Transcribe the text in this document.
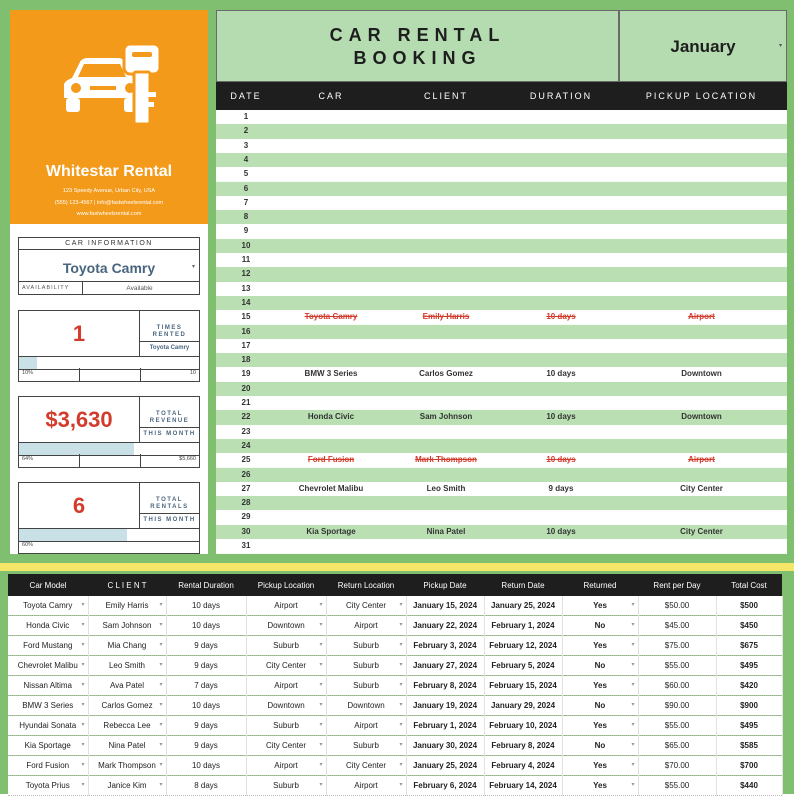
Whitestar Rental
123 Speedy Avenue, Urban City, USA
(555) 123-4567 | info@fastwheelsrental.com
www.fastwheelsrental.com
CAR INFORMATION
Toyota Camry	▾
AVAILABILITY	Available
1	TIMES
RENTED
Toyota Camry
10%	10
$3,630	TOTAL
REVENUE
THIS MONTH
64%	$5,660
6	TOTAL
RENTALS
THIS MONTH
60%
CAR RENTAL
BOOKING
January	▾
DATE	CAR	CLIENT	DURATION	PICKUP LOCATION
1
2
3
4
5
6
7
8
9
10
11
12
13
14
15	Toyota Camry	Emily Harris	10 days	Airport
16
17
18
19	BMW 3 Series	Carlos Gomez	10 days	Downtown
20
21
22	Honda Civic	Sam Johnson	10 days	Downtown
23
24
25	Ford Fusion	Mark Thompson	10 days	Airport
26
27	Chevrolet Malibu	Leo Smith	9 days	City Center
28
29
30	Kia Sportage	Nina Patel	10 days	City Center
31
Car Model	C L I E N T	Rental Duration	Pickup Location	Return Location	Pickup Date	Return Date	Returned	Rent per Day	Total Cost
Toyota Camry ▾	Emily Harris ▾	10 days	Airport ▾	City Center ▾	January 15, 2024	January 25, 2024	Yes ▾	$50.00	$500
Honda Civic ▾	Sam Johnson ▾	10 days	Downtown ▾	Airport ▾	January 22, 2024	February 1, 2024	No ▾	$45.00	$450
Ford Mustang ▾	Mia Chang ▾	9 days	Suburb ▾	Suburb ▾	February 3, 2024	February 12, 2024	Yes ▾	$75.00	$675
Chevrolet Malibu ▾	Leo Smith ▾	9 days	City Center ▾	Suburb ▾	January 27, 2024	February 5, 2024	No ▾	$55.00	$495
Nissan Altima ▾	Ava Patel ▾	7 days	Airport ▾	Suburb ▾	February 8, 2024	February 15, 2024	Yes ▾	$60.00	$420
BMW 3 Series ▾	Carlos Gomez ▾	10 days	Downtown ▾	Downtown ▾	January 19, 2024	January 29, 2024	No ▾	$90.00	$900
Hyundai Sonata ▾	Rebecca Lee ▾	9 days	Suburb ▾	Airport ▾	February 1, 2024	February 10, 2024	Yes ▾	$55.00	$495
Kia Sportage ▾	Nina Patel ▾	9 days	City Center ▾	Suburb ▾	January 30, 2024	February 8, 2024	No ▾	$65.00	$585
Ford Fusion ▾	Mark Thompson ▾	10 days	Airport ▾	City Center ▾	January 25, 2024	February 4, 2024	Yes ▾	$70.00	$700
Toyota Prius ▾	Janice Kim ▾	8 days	Suburb ▾	Airport ▾	February 6, 2024	February 14, 2024	Yes ▾	$55.00	$440
